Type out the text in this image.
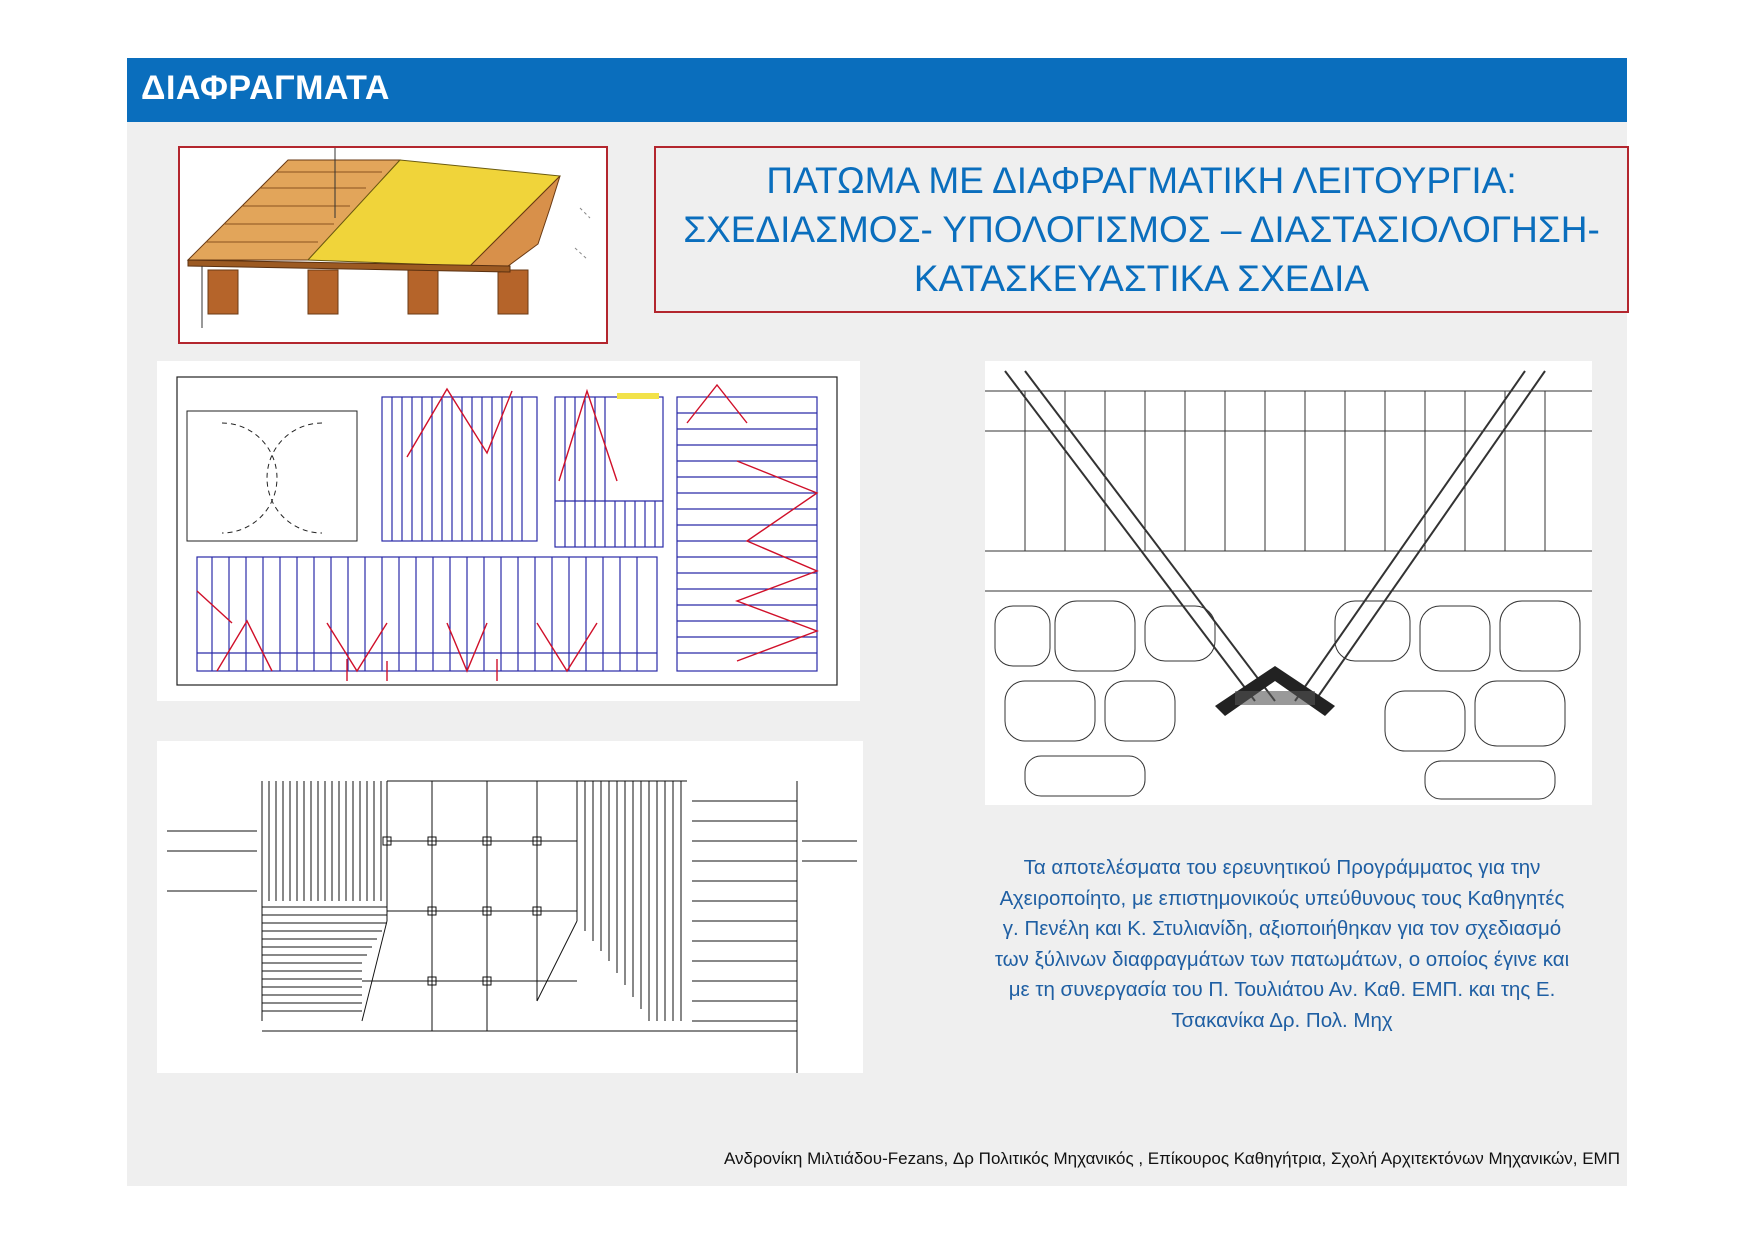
ΔΙΑΦΡΑΓΜΑΤΑ
ΠΑΤΩΜΑ ΜΕ ΔΙΑΦΡΑΓΜΑΤΙΚΗ ΛΕΙΤΟΥΡΓΙΑ:
ΣΧΕΔΙΑΣΜΟΣ- ΥΠΟΛΟΓΙΣΜΟΣ – ΔΙΑΣΤΑΣΙΟΛΟΓΗΣΗ-
ΚΑΤΑΣΚΕΥΑΣΤΙΚΑ ΣΧΕΔΙΑ
Τα αποτελέσματα του ερευνητικού Προγράμματος για την
Αχειροποίητο, με επιστημονικούς υπεύθυνους τους Καθηγητές
γ. Πενέλη και Κ. Στυλιανίδη, αξιοποιήθηκαν για τον σχεδιασμό
των ξύλινων διαφραγμάτων των πατωμάτων, ο οποίος έγινε και
με τη συνεργασία του Π. Τουλιάτου Αν. Καθ. ΕΜΠ. και της Ε.
Τσακανίκα Δρ. Πολ. Μηχ
Ανδρονίκη Μιλτιάδου-Fezans, Δρ Πολιτικός Μηχανικός , Επίκουρος Καθηγήτρια, Σχολή Αρχιτεκτόνων Μηχανικών, ΕΜΠ
